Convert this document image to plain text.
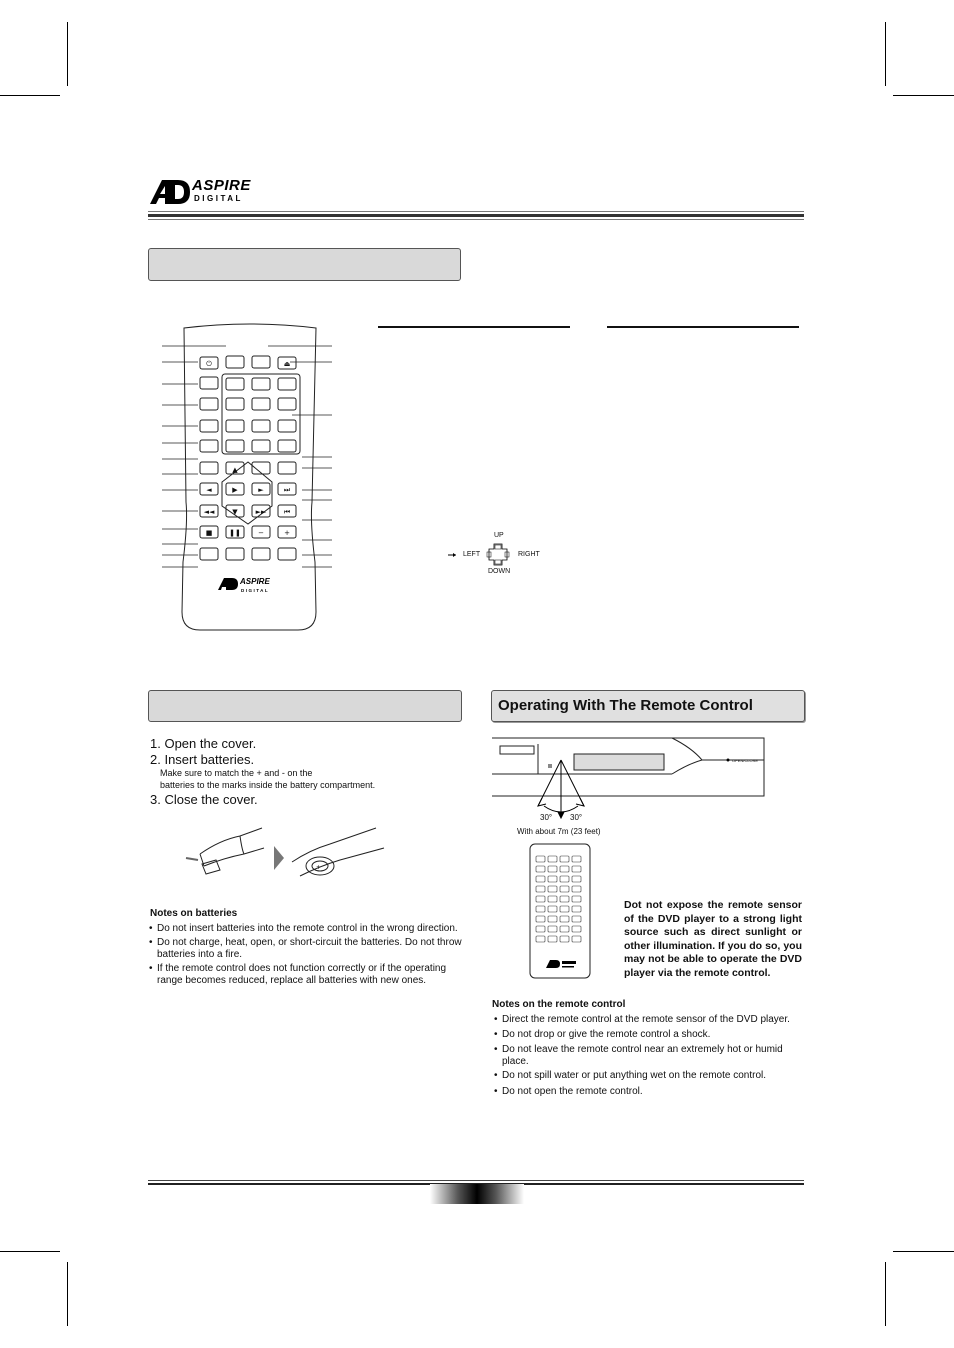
ASPIRE
DIGITAL
⏻	⏏
▲
◄	▶	►	⏭
◄◄	▼	►► ⏮
■ ❚❚ −	+
ASPIRE
DIGITAL
UP
LEFT	RIGHT
DOWN
1. Open the cover.
2. Insert batteries.
Make sure to match the + and - on the
batteries to the marks inside the battery compartment.
3. Close the cover.
+
Notes on batteries
• Do not insert batteries into the remote control in the wrong direction.
• Do not charge, heat, open, or short-circuit the batteries. Do not throw batteries into a fire.
• If the remote control does not function correctly or if the operating range becomes reduced, replace all batteries with new ones.
Operating With The Remote Control
OPEN/CLOSE
30° 30°
With about 7m (23 feet)
Dot not expose the remote sensor of the DVD player to a strong light source such as direct sunlight or other illumination. If you do so, you may not be able to operate the DVD player via the remote control.
Notes on the remote control
• Direct the remote control at the remote sensor of the DVD player.
• Do not drop or give the remote control a shock.
• Do not leave the remote control near an extremely hot or humid place.
• Do not spill water or put anything wet on the remote control.
• Do not open the remote control.
